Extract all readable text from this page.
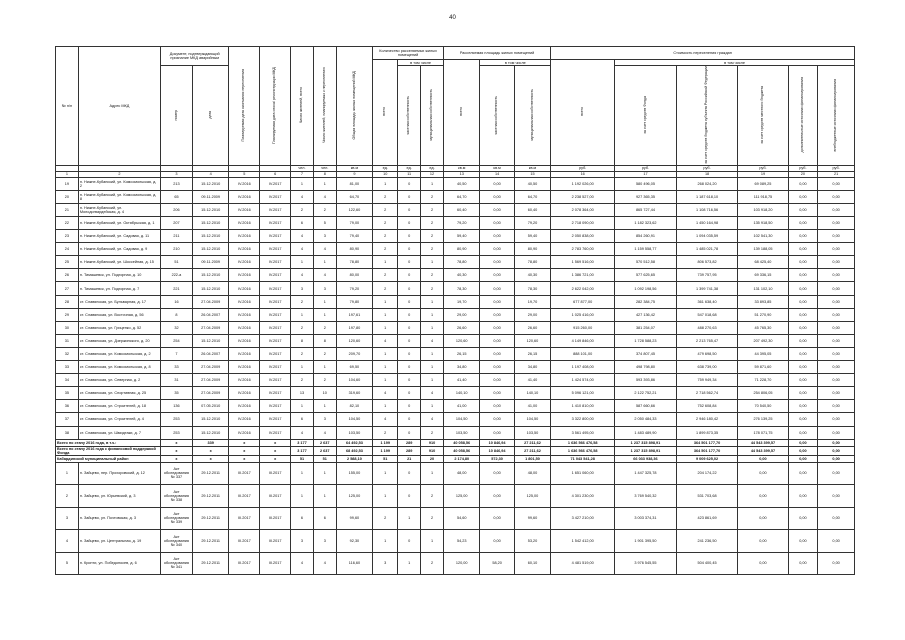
40
№ п/п	Адрес МКД	Документ, подтверждающий признание МКД аварийным		Планируемая дата окончания переселения	Планируемая дата сноса/ реконструкции МКД	Число жителей, всего	Число жителей, планируемых к переселению	Общая площадь жилых помещений МКД	Количество расселяемых жилых помещений			Расселяемая площадь жилых помещений			Стоимость переселения граждан					
									всего	в том числе		всего	в том числе		всего	в том числе				
		номер	дата							частная собственность	муниципальная собственность		частная собственность	муниципальная собственность		за счет средств Фонда	за счет средств бюджета субъекта Российской Федерации	за счет средств местного бюджета	дополнительные источники финансирования	внебюджетные источники финансирования
						чел.	чел.	кв.м	ед.	ед.	ед.	кв.м	кв.м	кв.м	руб.	руб.	руб.	руб.	руб.	руб.
1	2	3	4	5	6	7	8	9	10	11	12	13	14	15	16	17	18	19	20	21
19	п. Нижне-Кубанский, ул. Комсомольская, д. 2	213	15.12.2010	IV.2016	IV.2017	1	1	81,00	1	0	1	40,50	0,00	40,50	1 192 026,00	580 496,05	268 024,20	69 089,25	0,00	0,00
20	п. Нижне-Кубанский, ул. Комсомольская, д. 8	65	09.11.2009	IV.2016	IV.2017	4	4	64,70	2	0	2	64,70	0,00	64,70	2 238 527,00	927 365,35	1 187 618,10	111 918,75	0,00	0,00
21	п. Нижне-Кубанский, ул. Молодогвардейская, д. 4	206	15.12.2010	IV.2016	IV.2017	2	2	122,60	2	0	2	60,40	0,00	60,40	2 078 364,00	865 727,44	1 108 716,56	103 918,20	0,00	0,00
22	п. Нижне-Кубанский, ул. Октябрьская, д. 1	207	15.12.2010	IV.2016	IV.2017	6	5	79,00	2	0	2	79,20	0,00	79,20	2 718 090,00	1 182 323,62	1 450 164,98	135 918,50	0,00	0,00
23	п. Нижне-Кубанский, ул. Садовая, д. 11	211	15.12.2010	IV.2016	IV.2017	4	3	79,40	2	0	2	59,40	0,00	59,40	2 050 838,00	854 260,91	1 094 035,59	102 541,30	0,00	0,00
24	п. Нижне-Кубанский, ул. Садовая, д. 9	210	15.12.2010	IV.2016	IV.2017	4	4	80,90	2	0	2	80,90	0,00	80,90	2 783 760,00	1 159 558,77	1 485 021,78	139 188,05	0,00	0,00
25	п. Нижне-Кубанский, ул. Шоссейная, д. 15	51	09.11.2009	IV.2016	IV.2017	1	1	78,80	1	0	1	78,80	0,00	78,80	1 569 516,00	570 512,58	806 573,82	68 425,40	0,00	0,00
26	п. Тимашевск, ул. Подгорная, д. 10	222-а	15.12.2010	IV.2016	IV.2017	4	4	80,00	2	0	2	40,30	0,00	40,30	1 386 721,00	577 625,65	739 757,95	69 336,15	0,00	0,00
27	п. Тимашевск, ул. Подгорная, д. 7	221	15.12.2010	IV.2016	IV.2017	3	3	79,20	2	0	2	78,30	0,00	78,30	2 622 042,00	1 092 198,56	1 399 741,38	131 102,10	0,00	0,00
28	ст. Славянская, ул. Бульварная, д. 17	16	27.04.2009	IV.2016	IV.2017	2	1	79,80	1	0	1	19,70	0,00	19,70	677 877,00	282 384,75	361 638,40	33 893,85	0,00	0,00
29	ст. Славянская, ул. Восточная, д. 56	8	26.04.2007	IV.2016	IV.2017	1	1	197,61	1	0	1	29,00	0,00	29,00	1 025 416,00	427 136,42	547 018,68	51 270,90	0,00	0,00
30	ст. Славянская, ул. Гриценко, д. 52	32	27.04.2009	IV.2016	IV.2017	2	2	197,80	1	0	1	26,60	0,00	26,60	915 260,00	381 254,07	488 270,63	45 765,30	0,00	0,00
31	ст. Славянская, ул. Дзержинского, д. 20	254	15.12.2010	IV.2016	IV.2017	8	8	120,60	4	0	4	120,60	0,00	120,60	4 149 846,00	1 728 588,23	2 213 765,47	207 492,30	0,00	0,00
32	ст. Славянская, ул. Комсомольская, д. 2	7	26.04.2007	IV.2016	IV.2017	2	2	209,70	1	0	1	26,15	0,00	26,15	888 101,00	374 807,45	479 698,50	44 395,05	0,00	0,00
33	ст. Славянская, ул. Комсомольская, д. 8	33	27.04.2009	IV.2016	IV.2017	1	1	69,50	1	0	1	34,80	0,00	34,80	1 197 408,00	498 798,80	638 739,00	59 871,60	0,00	0,00
34	ст. Славянская, ул. Северная, д. 2	31	27.04.2009	IV.2016	IV.2017	2	2	104,60	1	0	1	41,40	0,00	41,40	1 424 574,00	593 393,86	759 949,34	71 228,70	0,00	0,00
35	ст. Славянская, ул. Спортивная, д. 25	35	27.04.2009	IV.2016	IV.2017	13	10	319,60	4	0	4	140,10	0,00	140,10	5 096 121,00	2 122 752,21	2 718 562,74	254 806,05	0,00	0,00
36	ст. Славянская, ул. Строителей, д. 18	136	07.05.2010	IV.2016	IV.2017	1	1	82,10	1	0	1	41,00	0,00	41,00	1 410 810,00	587 660,66	752 608,84	70 540,50	0,00	0,00
37	ст. Славянская, ул. Строителей, д. 4	253	15.12.2010	IV.2016	IV.2017	6	3	104,50	4	0	4	104,50	0,00	104,50	3 322 800,00	2 050 484,33	2 946 180,42	276 139,25	0,00	0,00
38	ст. Славянская, ул. Шмидтаки, д. 7	253	15.12.2010	IV.2016	IV.2017	4	4	103,50	2	0	2	103,50	0,00	103,50	3 561 495,00	1 483 489,90	1 899 873,35	178 071,75	0,00	0,00
Всего по этапу 2016 года, в т.ч.:		х	339	х	х	3 177	2 637	64 492,53	1 199	289	910	40 058,56	10 846,94	27 211,62	1 636 566 476,58	1 237 315 898,91	364 501 177,70	44 543 399,57	0,00	0,00
Всего по этапу 2016 года с финансовой поддержкой Фонда		х	х	х	х	3 177	2 637	68 492,53	1 199	289	910	40 058,56	10 846,94	27 211,62	1 636 566 476,58	1 237 315 898,91	364 501 177,70	44 543 399,57	0,00	0,00
Кабардинский муниципальный район		х	х	х	х	51	51	2 588,10	51	21	20	2 174,80	572,30	1 801,50	71 043 541,28	66 033 938,36	9 009 625,02	0,00	0,00	0,00
1	п. Зайцево, пер. Прохоровский, д. 12	Акт обследования № 337	29.12.2011	III.2017	III.2017	1	1	155,00	1	0	1	48,00	0,00	48,00	1 651 060,00	1 447 325,78	204 174,22	0,00	0,00	0,00
2	п. Зайцево, ул. Юрьевский, д. 3	Акт обследования № 338	29.12.2011	III.2017	III.2017	1	1	125,00	1	0	2	125,00	0,00	125,00	4 301 230,00	3 769 540,32	531 703,68	0,00	0,00	0,00
3	п. Зайцево, ул. Почтовская, д. 3	Акт обследования № 339	29.12.2011	III.2017	III.2017	6	6	99,60	2	1	2	54,60	0,00	99,60	3 427 210,00	3 003 374,31	423 861,69	0,00	0,00	0,00
4	п. Зайцево, ул. Центральная, д. 19	Акт обследования № 340	29.12.2011	III.2017	III.2017	3	3	92,30	1	0	1	54,23	0,00	53,20	1 542 412,00	1 901 395,50	241 236,50	0,00	0,00	0,00
5	п. Кронти, ул. Победоносев, д. 6	Акт обследования № 341	29.12.2011	III.2017	III.2017	4	4	116,60	3	1	2	120,00	58,20	60,10	4 481 519,00	3 976 545,55	504 400,45	0,00	0,00	0,00
